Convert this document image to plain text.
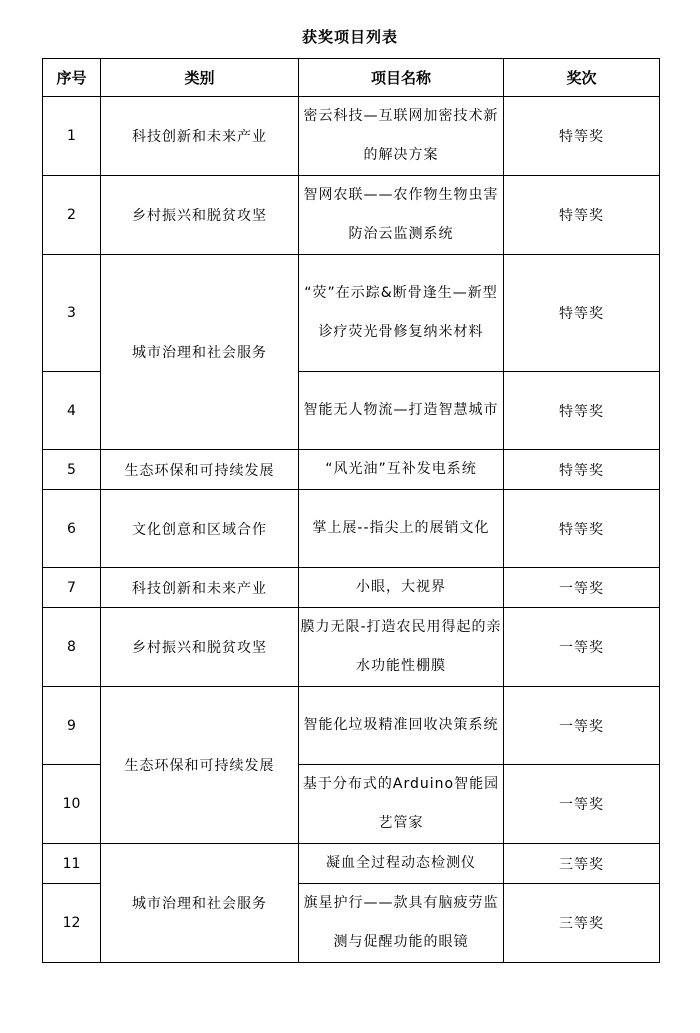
获奖项目列表
序号	类别	项目名称	奖次
1	科技创新和未来产业	密云科技—互联网加密技术新的解决方案	特等奖
2	乡村振兴和脱贫攻坚	智网农联——农作物生物虫害防治云监测系统	特等奖
3	城市治理和社会服务	“荧”在示踪&断骨逢生—新型诊疗荧光骨修复纳米材料	特等奖
4		智能无人物流—打造智慧城市	特等奖
5	生态环保和可持续发展	“风光油”互补发电系统	特等奖
6	文化创意和区域合作	掌上展--指尖上的展销文化	特等奖
7	科技创新和未来产业	小眼，大视界	一等奖
8	乡村振兴和脱贫攻坚	膜力无限-打造农民用得起的亲水功能性棚膜	一等奖
9	生态环保和可持续发展	智能化垃圾精准回收决策系统	一等奖
10		基于分布式的Arduino智能园艺管家	一等奖
11	城市治理和社会服务	凝血全过程动态检测仪	三等奖
12		旗星护行——款具有脑疲劳监测与促醒功能的眼镜	三等奖
